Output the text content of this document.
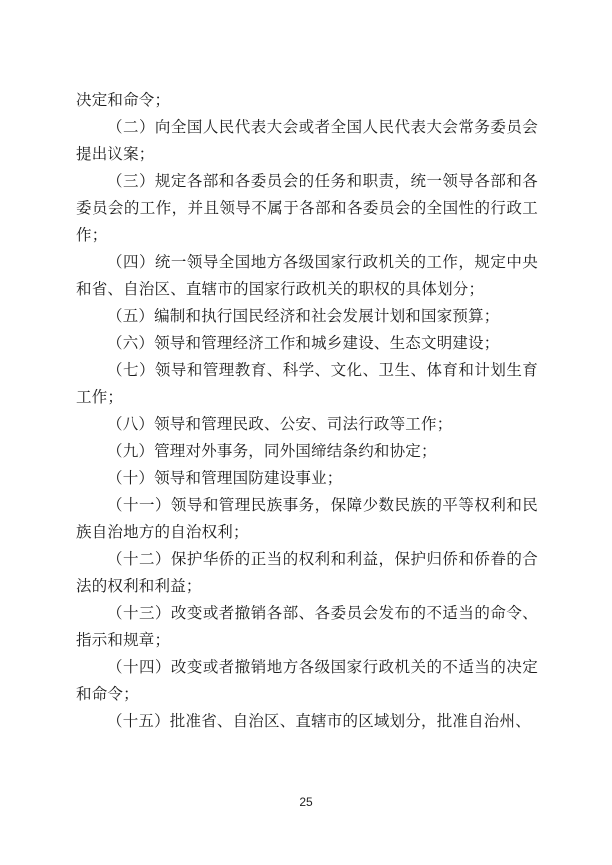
决定和命令；

（二）向全国人民代表大会或者全国人民代表大会常务委员会提出议案；

（三）规定各部和各委员会的任务和职责，统一领导各部和各委员会的工作，并且领导不属于各部和各委员会的全国性的行政工作；

（四）统一领导全国地方各级国家行政机关的工作，规定中央和省、自治区、直辖市的国家行政机关的职权的具体划分；

（五）编制和执行国民经济和社会发展计划和国家预算；

（六）领导和管理经济工作和城乡建设、生态文明建设；

（七）领导和管理教育、科学、文化、卫生、体育和计划生育工作；

（八）领导和管理民政、公安、司法行政等工作；

（九）管理对外事务，同外国缔结条约和协定；

（十）领导和管理国防建设事业；

（十一）领导和管理民族事务，保障少数民族的平等权利和民族自治地方的自治权利；

（十二）保护华侨的正当的权利和利益，保护归侨和侨眷的合法的权利和利益；

（十三）改变或者撤销各部、各委员会发布的不适当的命令、指示和规章；

（十四）改变或者撤销地方各级国家行政机关的不适当的决定和命令；

（十五）批准省、自治区、直辖市的区域划分，批准自治州、

25
